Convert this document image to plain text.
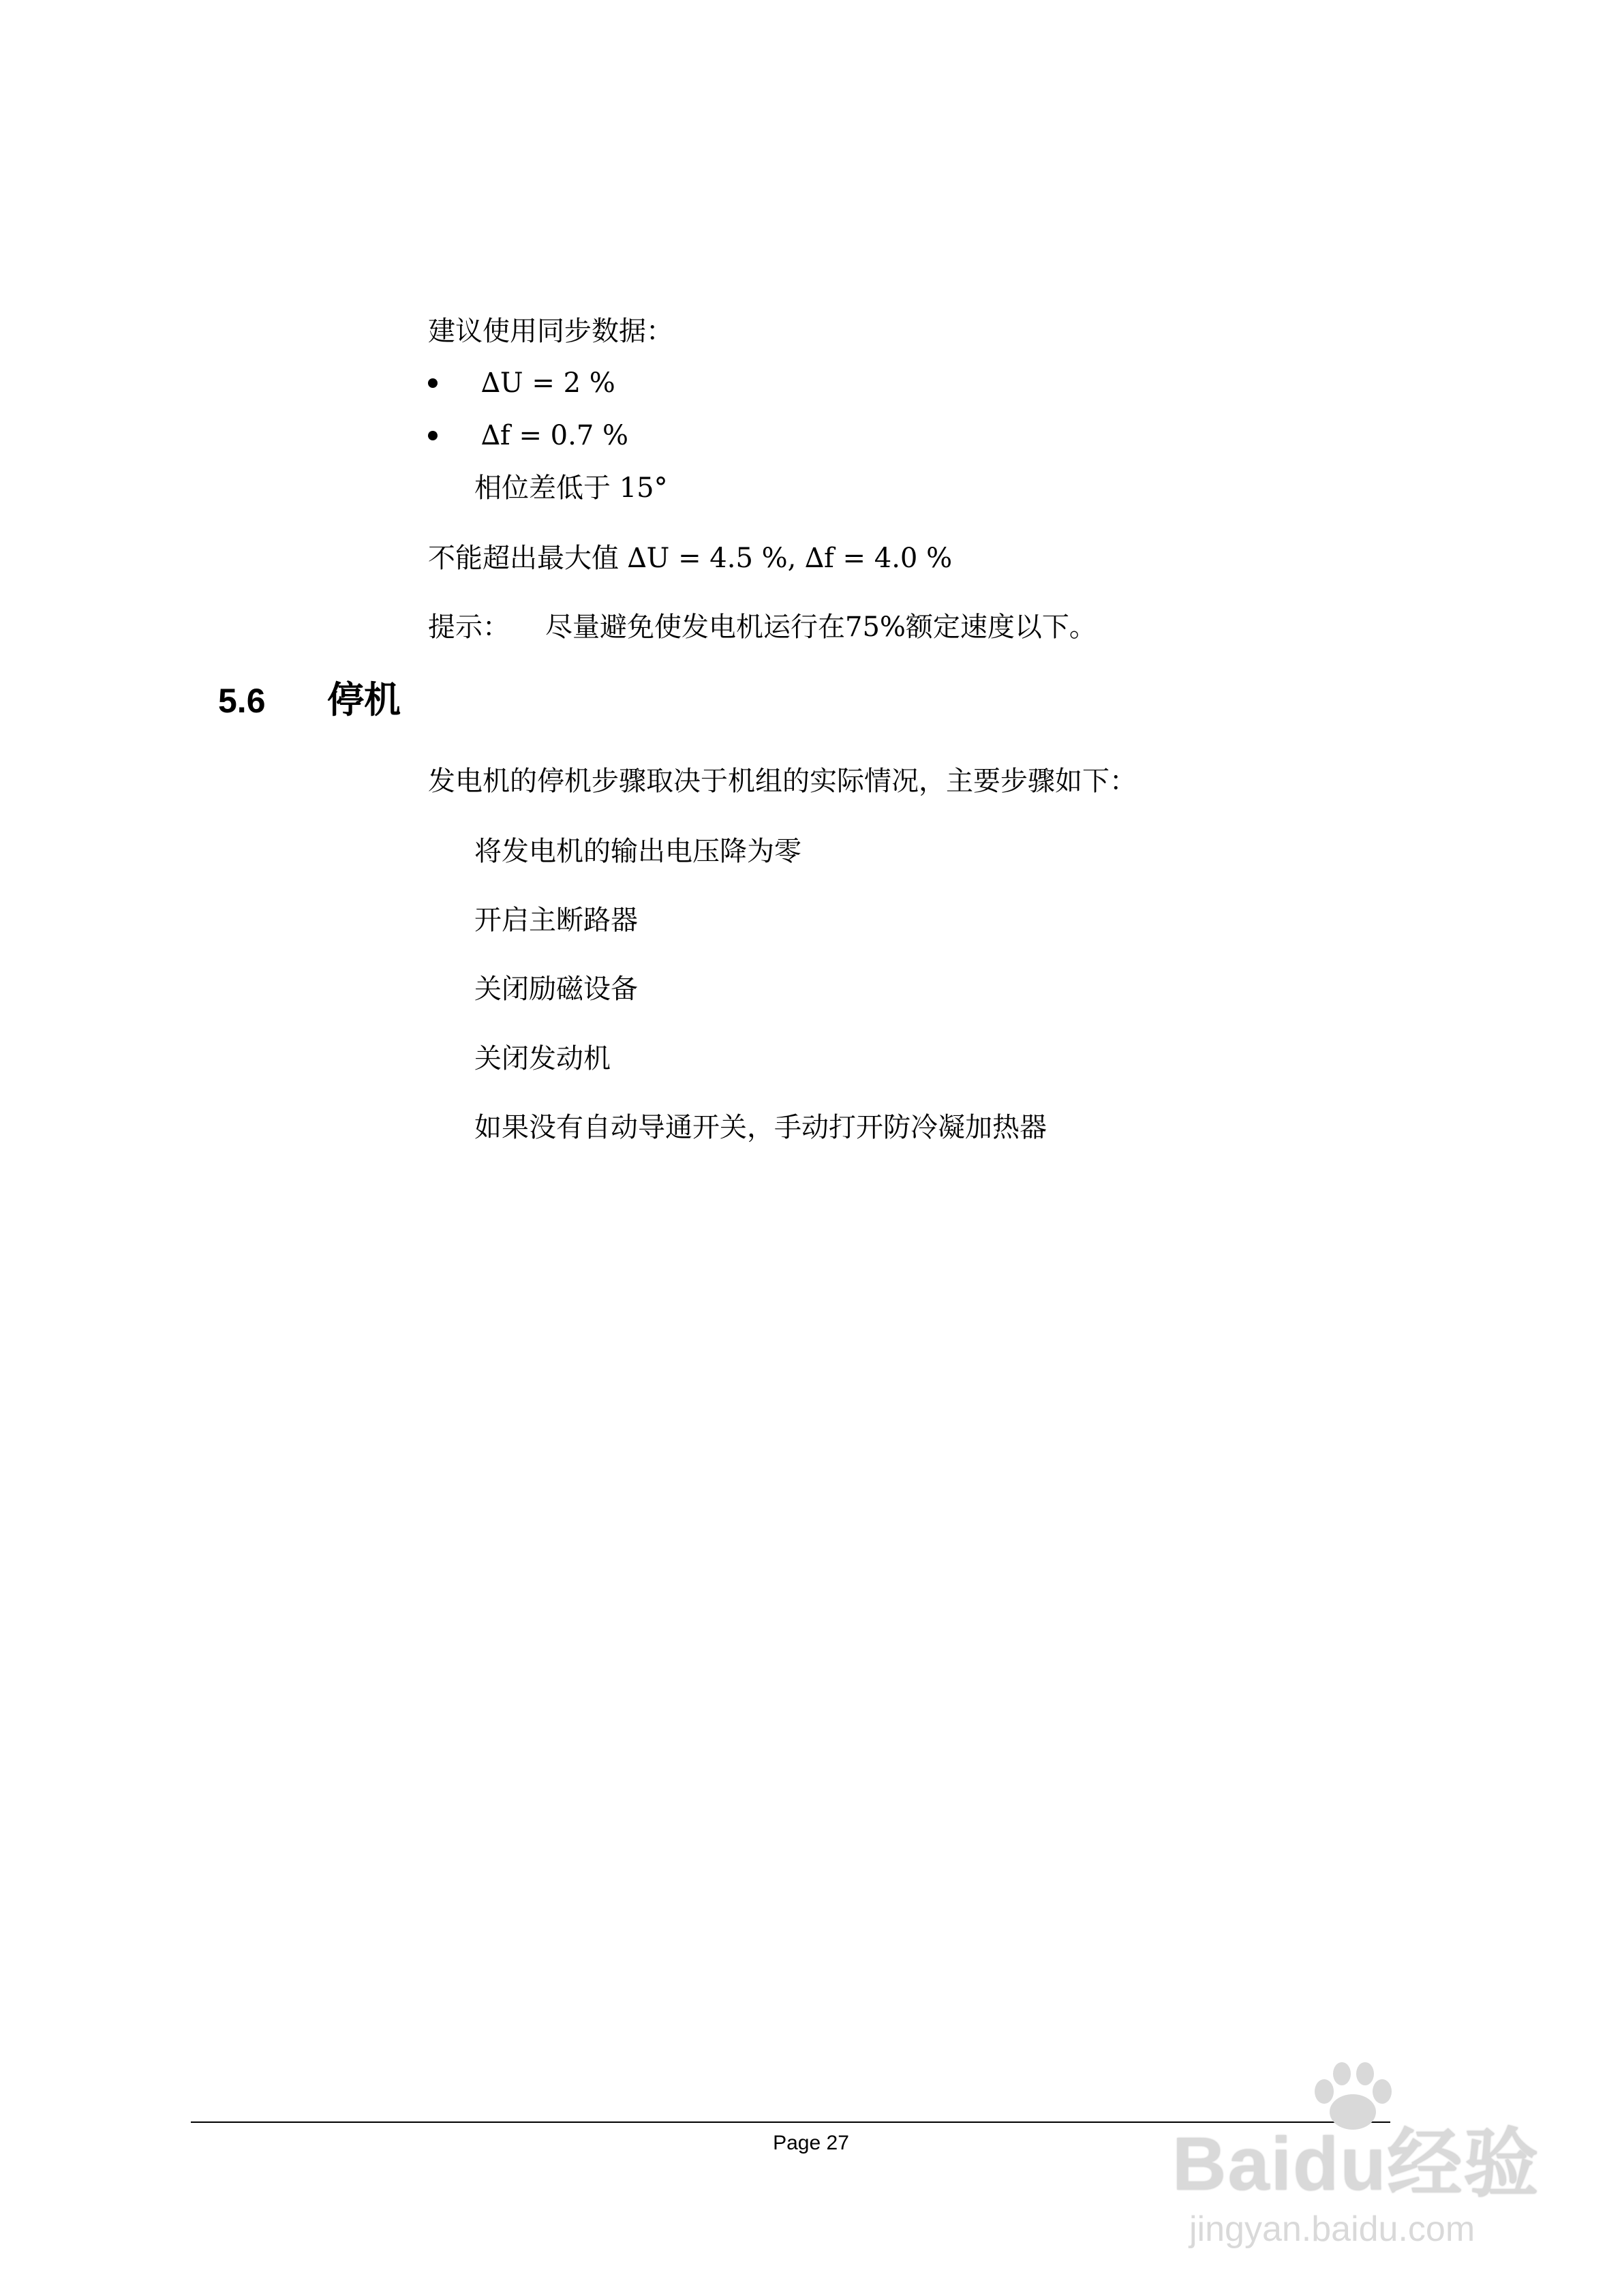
建议使用同步数据：
∆U = 2 %
∆f = 0.7 %
相位差低于 15°
不能超出最大值 ∆U = 4.5 %, ∆f = 4.0 %
提示： 尽量避免使发电机运行在75%额定速度以下。
5.6 停机
发电机的停机步骤取决于机组的实际情况，主要步骤如下：
将发电机的输出电压降为零
开启主断路器
关闭励磁设备
关闭发动机
如果没有自动导通开关，手动打开防冷凝加热器
Page 27	Baidu经验
jingyan.baidu.com
